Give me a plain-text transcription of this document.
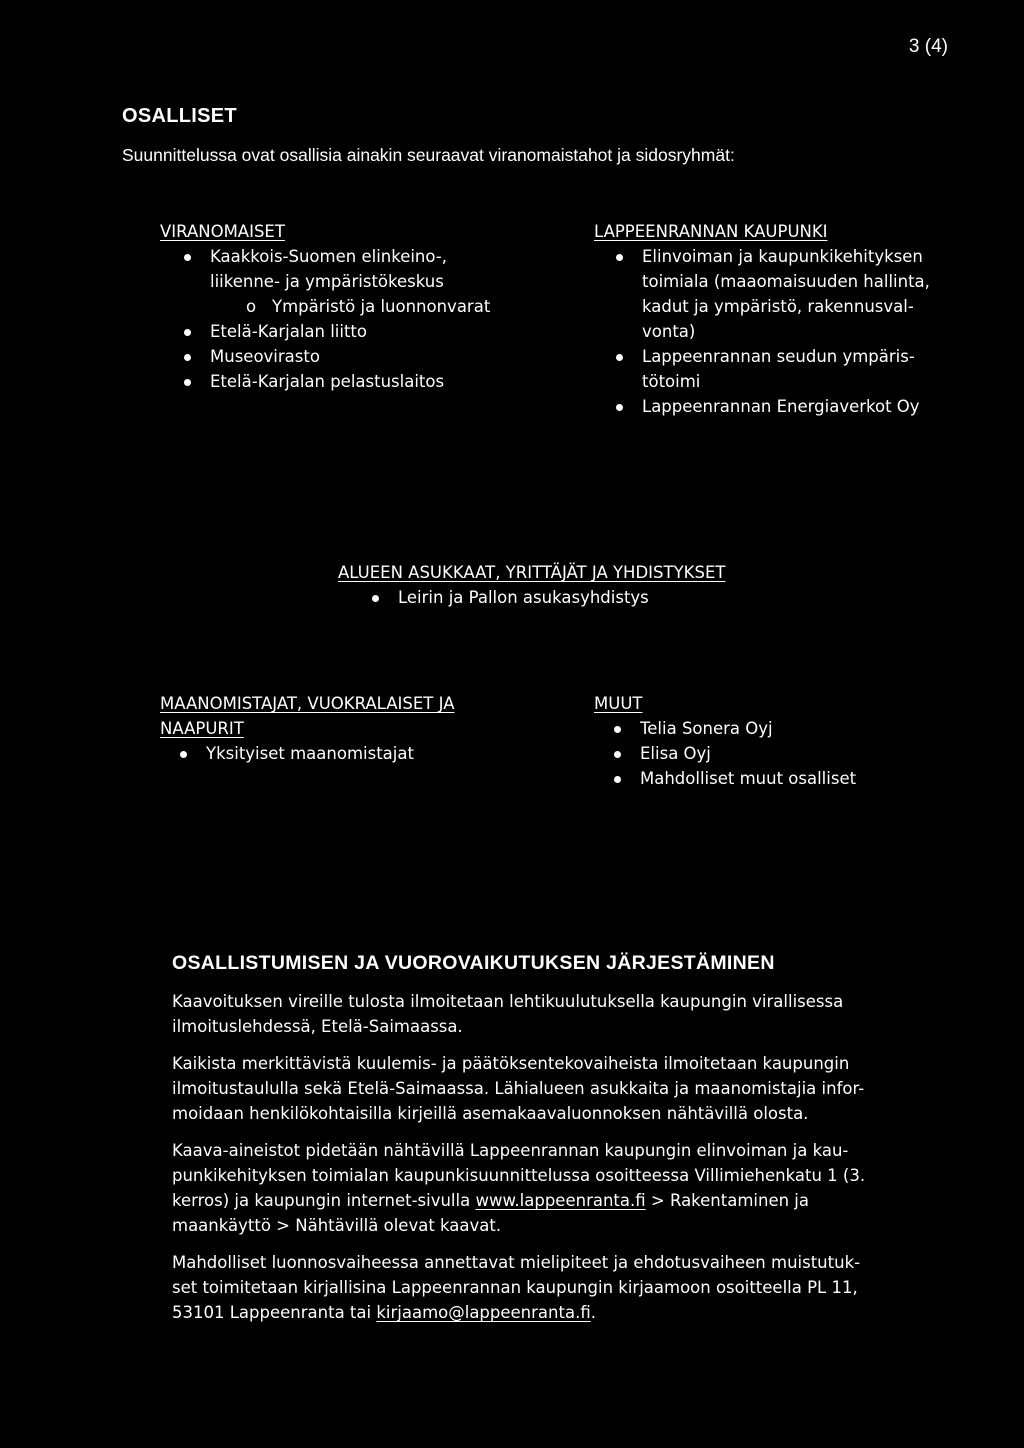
3 (4)
OSALLISET
Suunnittelussa ovat osallisia ainakin seuraavat viranomaistahot ja sidosryhmät:
VIRANOMAISET
Kaakkois-Suomen elinkeino-,
liikenne- ja ympäristökeskus
o Ympäristö ja luonnonvarat
Etelä-Karjalan liitto
Museovirasto
Etelä-Karjalan pelastuslaitos
LAPPEENRANNAN KAUPUNKI
Elinvoiman ja kaupunkikehityksen
toimiala (maaomaisuuden hallinta,
kadut ja ympäristö, rakennusval-
vonta)
Lappeenrannan seudun ympäris-
tötoimi
Lappeenrannan Energiaverkot Oy
ALUEEN ASUKKAAT, YRITTÄJÄT JA YHDISTYKSET
Leirin ja Pallon asukasyhdistys
MAANOMISTAJAT, VUOKRALAISET JA
NAAPURIT
Yksityiset maanomistajat
MUUT
Telia Sonera Oyj
Elisa Oyj
Mahdolliset muut osalliset
OSALLISTUMISEN JA VUOROVAIKUTUKSEN JÄRJESTÄMINEN
Kaavoituksen vireille tulosta ilmoitetaan lehtikuulutuksella kaupungin virallisessa
ilmoituslehdessä, Etelä-Saimaassa.
Kaikista merkittävistä kuulemis- ja päätöksentekovaiheista ilmoitetaan kaupungin
ilmoitustaululla sekä Etelä-Saimaassa. Lähialueen asukkaita ja maanomistajia infor-
moidaan henkilökohtaisilla kirjeillä asemakaavaluonnoksen nähtävillä olosta.
Kaava-aineistot pidetään nähtävillä Lappeenrannan kaupungin elinvoiman ja kau-
punkikehityksen toimialan kaupunkisuunnittelussa osoitteessa Villimiehenkatu 1 (3.
kerros) ja kaupungin internet-sivulla www.lappeenranta.fi > Rakentaminen ja
maankäyttö > Nähtävillä olevat kaavat.
Mahdolliset luonnosvaiheessa annettavat mielipiteet ja ehdotusvaiheen muistutuk-
set toimitetaan kirjallisina Lappeenrannan kaupungin kirjaamoon osoitteella PL 11,
53101 Lappeenranta tai kirjaamo@lappeenranta.fi.
